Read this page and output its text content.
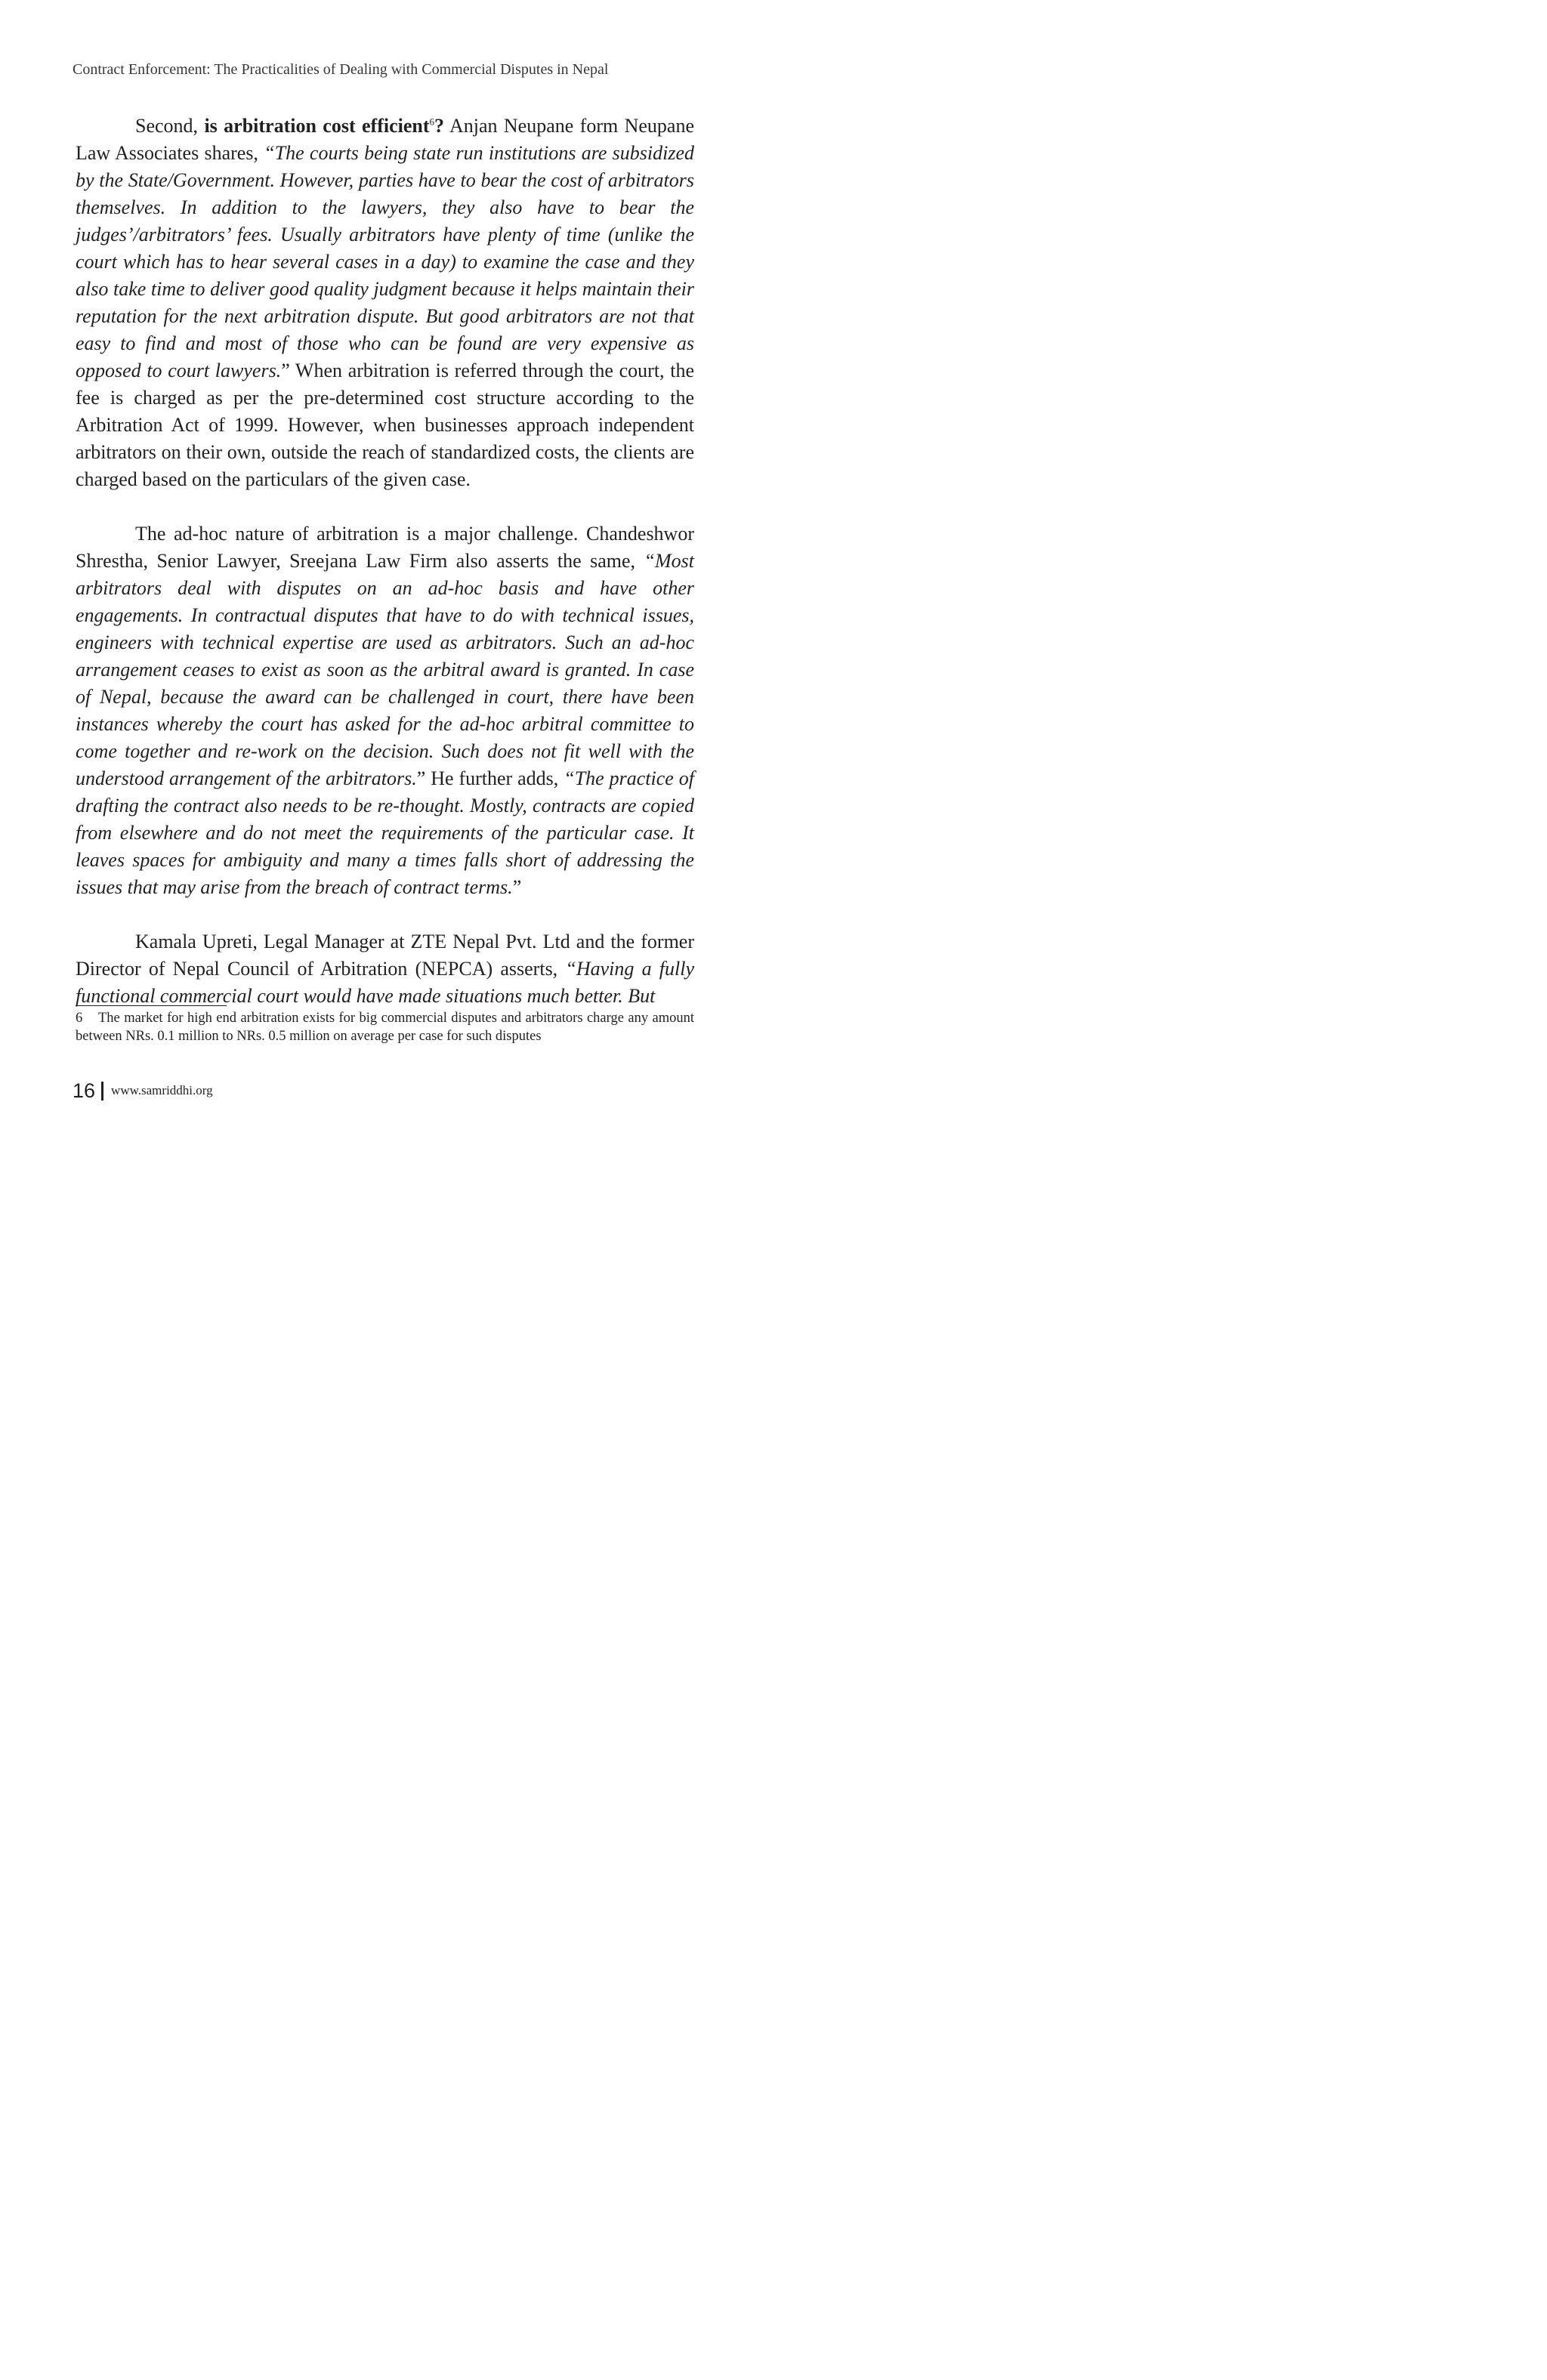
Contract Enforcement: The Practicalities of Dealing with Commercial Disputes in Nepal

Second, is arbitration cost efficient$^6$? Anjan Neupane form Neupane Law Associates shares, “The courts being state run institutions are subsidized by the State/Government. However, parties have to bear the cost of arbitrators themselves. In addition to the lawyers, they also have to bear the judges’/arbitrators’ fees. Usually arbitrators have plenty of time (unlike the court which has to hear several cases in a day) to examine the case and they also take time to deliver good quality judgment because it helps maintain their reputation for the next arbitration dispute. But good arbitrators are not that easy to find and most of those who can be found are very expensive as opposed to court lawyers.” When arbitration is referred through the court, the fee is charged as per the pre-determined cost structure according to the Arbitration Act of 1999. However, when businesses approach independent arbitrators on their own, outside the reach of standardized costs, the clients are charged based on the particulars of the given case.

The ad-hoc nature of arbitration is a major challenge. Chandeshwor Shrestha, Senior Lawyer, Sreejana Law Firm also asserts the same, “Most arbitrators deal with disputes on an ad-hoc basis and have other engagements. In contractual disputes that have to do with technical issues, engineers with technical expertise are used as arbitrators. Such an ad-hoc arrangement ceases to exist as soon as the arbitral award is granted. In case of Nepal, because the award can be challenged in court, there have been instances whereby the court has asked for the ad-hoc arbitral committee to come together and re-work on the decision. Such does not fit well with the understood arrangement of the arbitrators.” He further adds, “The practice of drafting the contract also needs to be re-thought. Mostly, contracts are copied from elsewhere and do not meet the requirements of the particular case. It leaves spaces for ambiguity and many a times falls short of addressing the issues that may arise from the breach of contract terms.”

Kamala Upreti, Legal Manager at ZTE Nepal Pvt. Ltd and the former Director of Nepal Council of Arbitration (NEPCA) asserts, “Having a fully functional commercial court would have made situations much better. But

6 The market for high end arbitration exists for big commercial disputes and arbitrators charge any amount between NRs. 0.1 million to NRs. 0.5 million on average per case for such disputes
16 www.samriddhi.org
